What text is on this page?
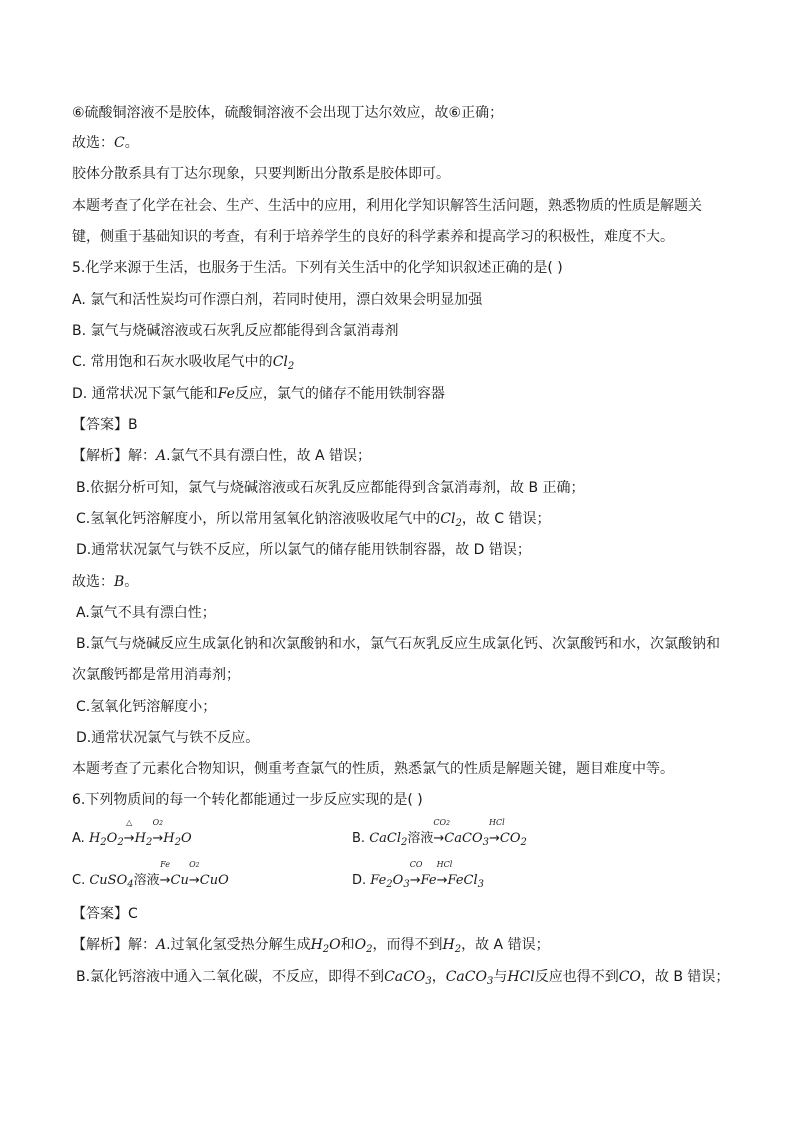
⑥硫酸铜溶液不是胶体，硫酸铜溶液不会出现丁达尔效应，故⑥正确；
故选：C。
胶体分散系具有丁达尔现象，只要判断出分散系是胶体即可。
本题考查了化学在社会、生产、生活中的应用，利用化学知识解答生活问题，熟悉物质的性质是解题关
键，侧重于基础知识的考查，有利于培养学生的良好的科学素养和提高学习的积极性，难度不大。
5.化学来源于生活，也服务于生活。下列有关生活中的化学知识叙述正确的是( )
A. 氯气和活性炭均可作漂白剂，若同时使用，漂白效果会明显加强
B. 氯气与烧碱溶液或石灰乳反应都能得到含氯消毒剂
C. 常用饱和石灰水吸收尾气中的$Cl_2$
D. 通常状况下氯气能和Fe反应，氯气的储存不能用铁制容器
【答案】B
【解析】解：A.氯气不具有漂白性，故 A 错误；
B.依据分析可知，氯气与烧碱溶液或石灰乳反应都能得到含氯消毒剂，故 B 正确；
C.氢氧化钙溶解度小，所以常用氢氧化钠溶液吸收尾气中的$Cl_2$，故 C 错误；
D.通常状况氯气与铁不反应，所以氯气的储存能用铁制容器，故 D 错误；
故选：B。
A.氯气不具有漂白性；
B.氯气与烧碱反应生成氯化钠和次氯酸钠和水，氯气石灰乳反应生成氯化钙、次氯酸钙和水，次氯酸钠和
次氯酸钙都是常用消毒剂；
C.氢氧化钙溶解度小；
D.通常状况氯气与铁不反应。
本题考查了元素化合物知识，侧重考查氯气的性质，熟悉氯气的性质是解题关键，题目难度中等。
6.下列物质间的每一个转化都能通过一步反应实现的是( )
A. $H_2O_2$
△
$\to H_2$
O2
$\to H_2O$	B. CaCl$_2$溶液
CO2
→CaCO$_3$
HCl
$\to CO_2$
C. CuSO$_4$溶液
Fe
→Cu
O2
→CuO	D. $Fe_2O_3$
CO
→Fe
HCl
→FeCl$_3$
【答案】C
【解析】解：A.过氧化氢受热分解生成$H_2O$和$O_2$，而得不到$H_2$，故 A 错误；
B.氯化钙溶液中通入二氧化碳，不反应，即得不到CaCO$_3$，CaCO$_3$与HCl反应也得不到CO，故 B 错误；
